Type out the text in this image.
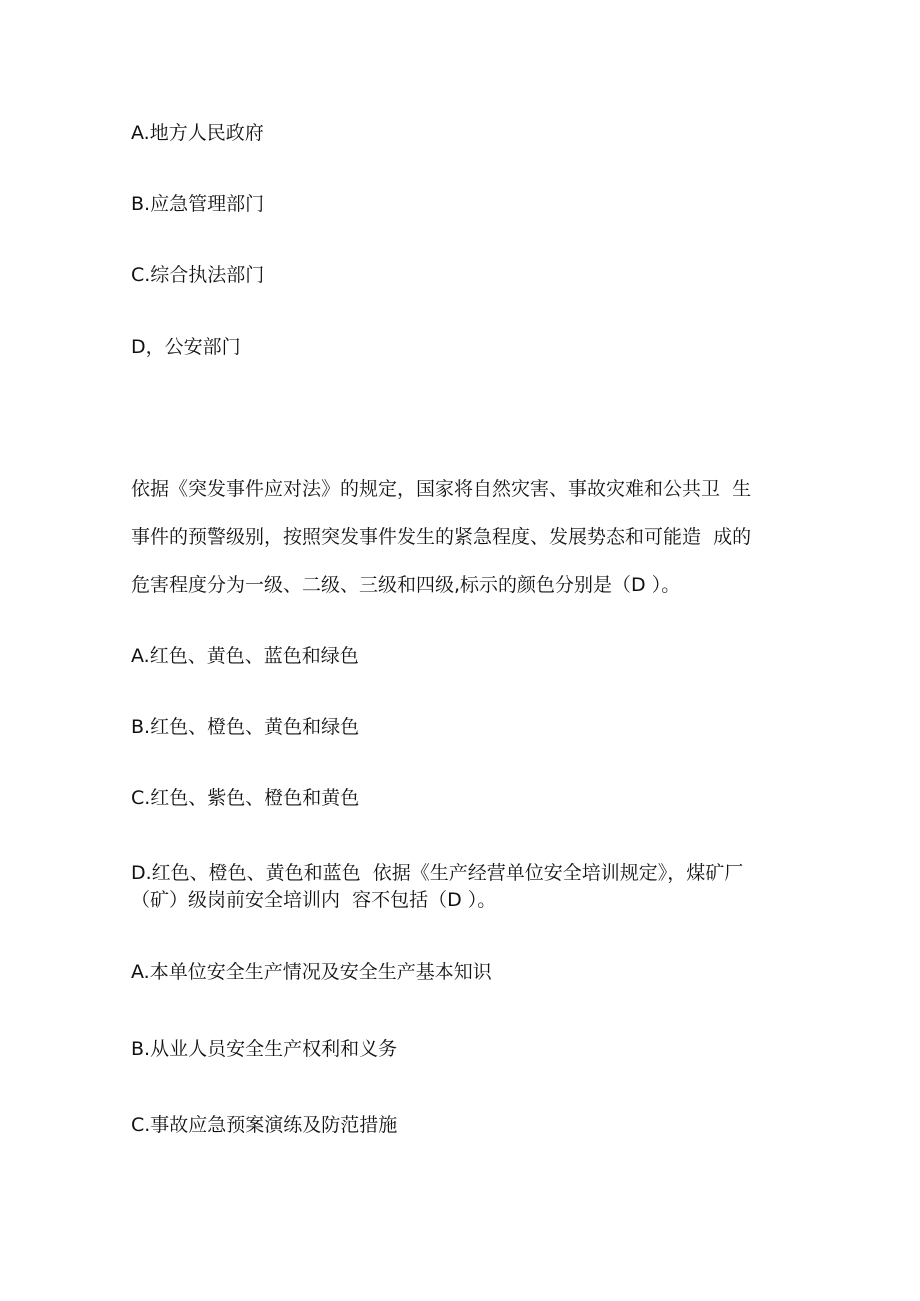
A.地方人民政府

B.应急管理部门

C.综合执法部门

D，公安部门

依据《突发事件应对法》的规定，国家将自然灾害、事故灾难和公共卫  生

事件的预警级别，按照突发事件发生的紧急程度、发展势态和可能造  成的

危害程度分为一级、二级、三级和四级,标示的颜色分别是（D ）。

A.红色、黄色、蓝色和绿色

B.红色、橙色、黄色和绿色

C.红色、紫色、橙色和黄色

D.红色、橙色、黄色和蓝色  依据《生产经营单位安全培训规定》，煤矿厂

（矿）级岗前安全培训内  容不包括（D ）。

A.本单位安全生产情况及安全生产基本知识

B.从业人员安全生产权利和义务

C.事故应急预案演练及防范措施
